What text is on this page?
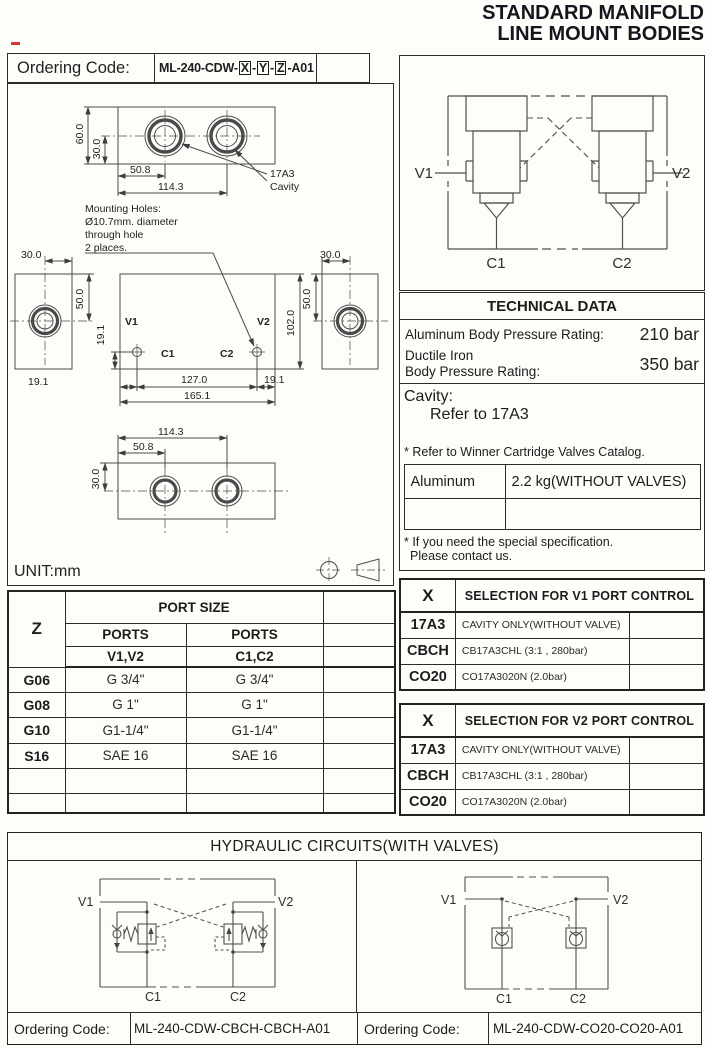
STANDARD MANIFOLD
LINE MOUNT BODIES
Ordering Code:	ML-240-CDW- X - Y - Z -A01
60.0
30.0
50.8
114.3
17A3
Cavity
Mounting Holes:
Ø10.7mm. diameter
through hole
2 places.
30.0
50.0
V1	V2
C1	C2
19.1
19.1	127.0	19.1
165.1
102.0
30.0
50.0
114.3
50.8
30.0
UNIT:mm
V1	V2
C1	C2
TECHNICAL DATA
Aluminum Body Pressure Rating: 210 bar
Ductile Iron
Body Pressure Rating:	350 bar
Cavity:
Refer to 17A3
* Refer to Winner Cartridge Valves Catalog.
Aluminum	2.2 kg(WITHOUT VALVES)

* If you need the special specification.
Please contact us.
Z	PORT SIZE		
	PORTS	PORTS	
	V1,V2	C1,C2	
G06	G 3/4"	G 3/4"	
G08	G 1"	G 1"	
G10	G1-1/4"	G1-1/4"	
S16	SAE 16	SAE 16	

X	SELECTION FOR V1 PORT CONTROL	
17A3	CAVITY ONLY(WITHOUT VALVE)	
CBCH	CB17A3CHL (3:1 , 280bar)	
CO20	CO17A3020N (2.0bar)	
X	SELECTION FOR V2 PORT CONTROL	
17A3	CAVITY ONLY(WITHOUT VALVE)	
CBCH	CB17A3CHL (3:1 , 280bar)	
CO20	CO17A3020N (2.0bar)	
HYDRAULIC CIRCUITS(WITH VALVES)
V1	V2
C1	C2
V1	V2
C1	C2
Ordering Code:	ML-240-CDW-CBCH-CBCH-A01	Ordering Code:	ML-240-CDW-CO20-CO20-A01
